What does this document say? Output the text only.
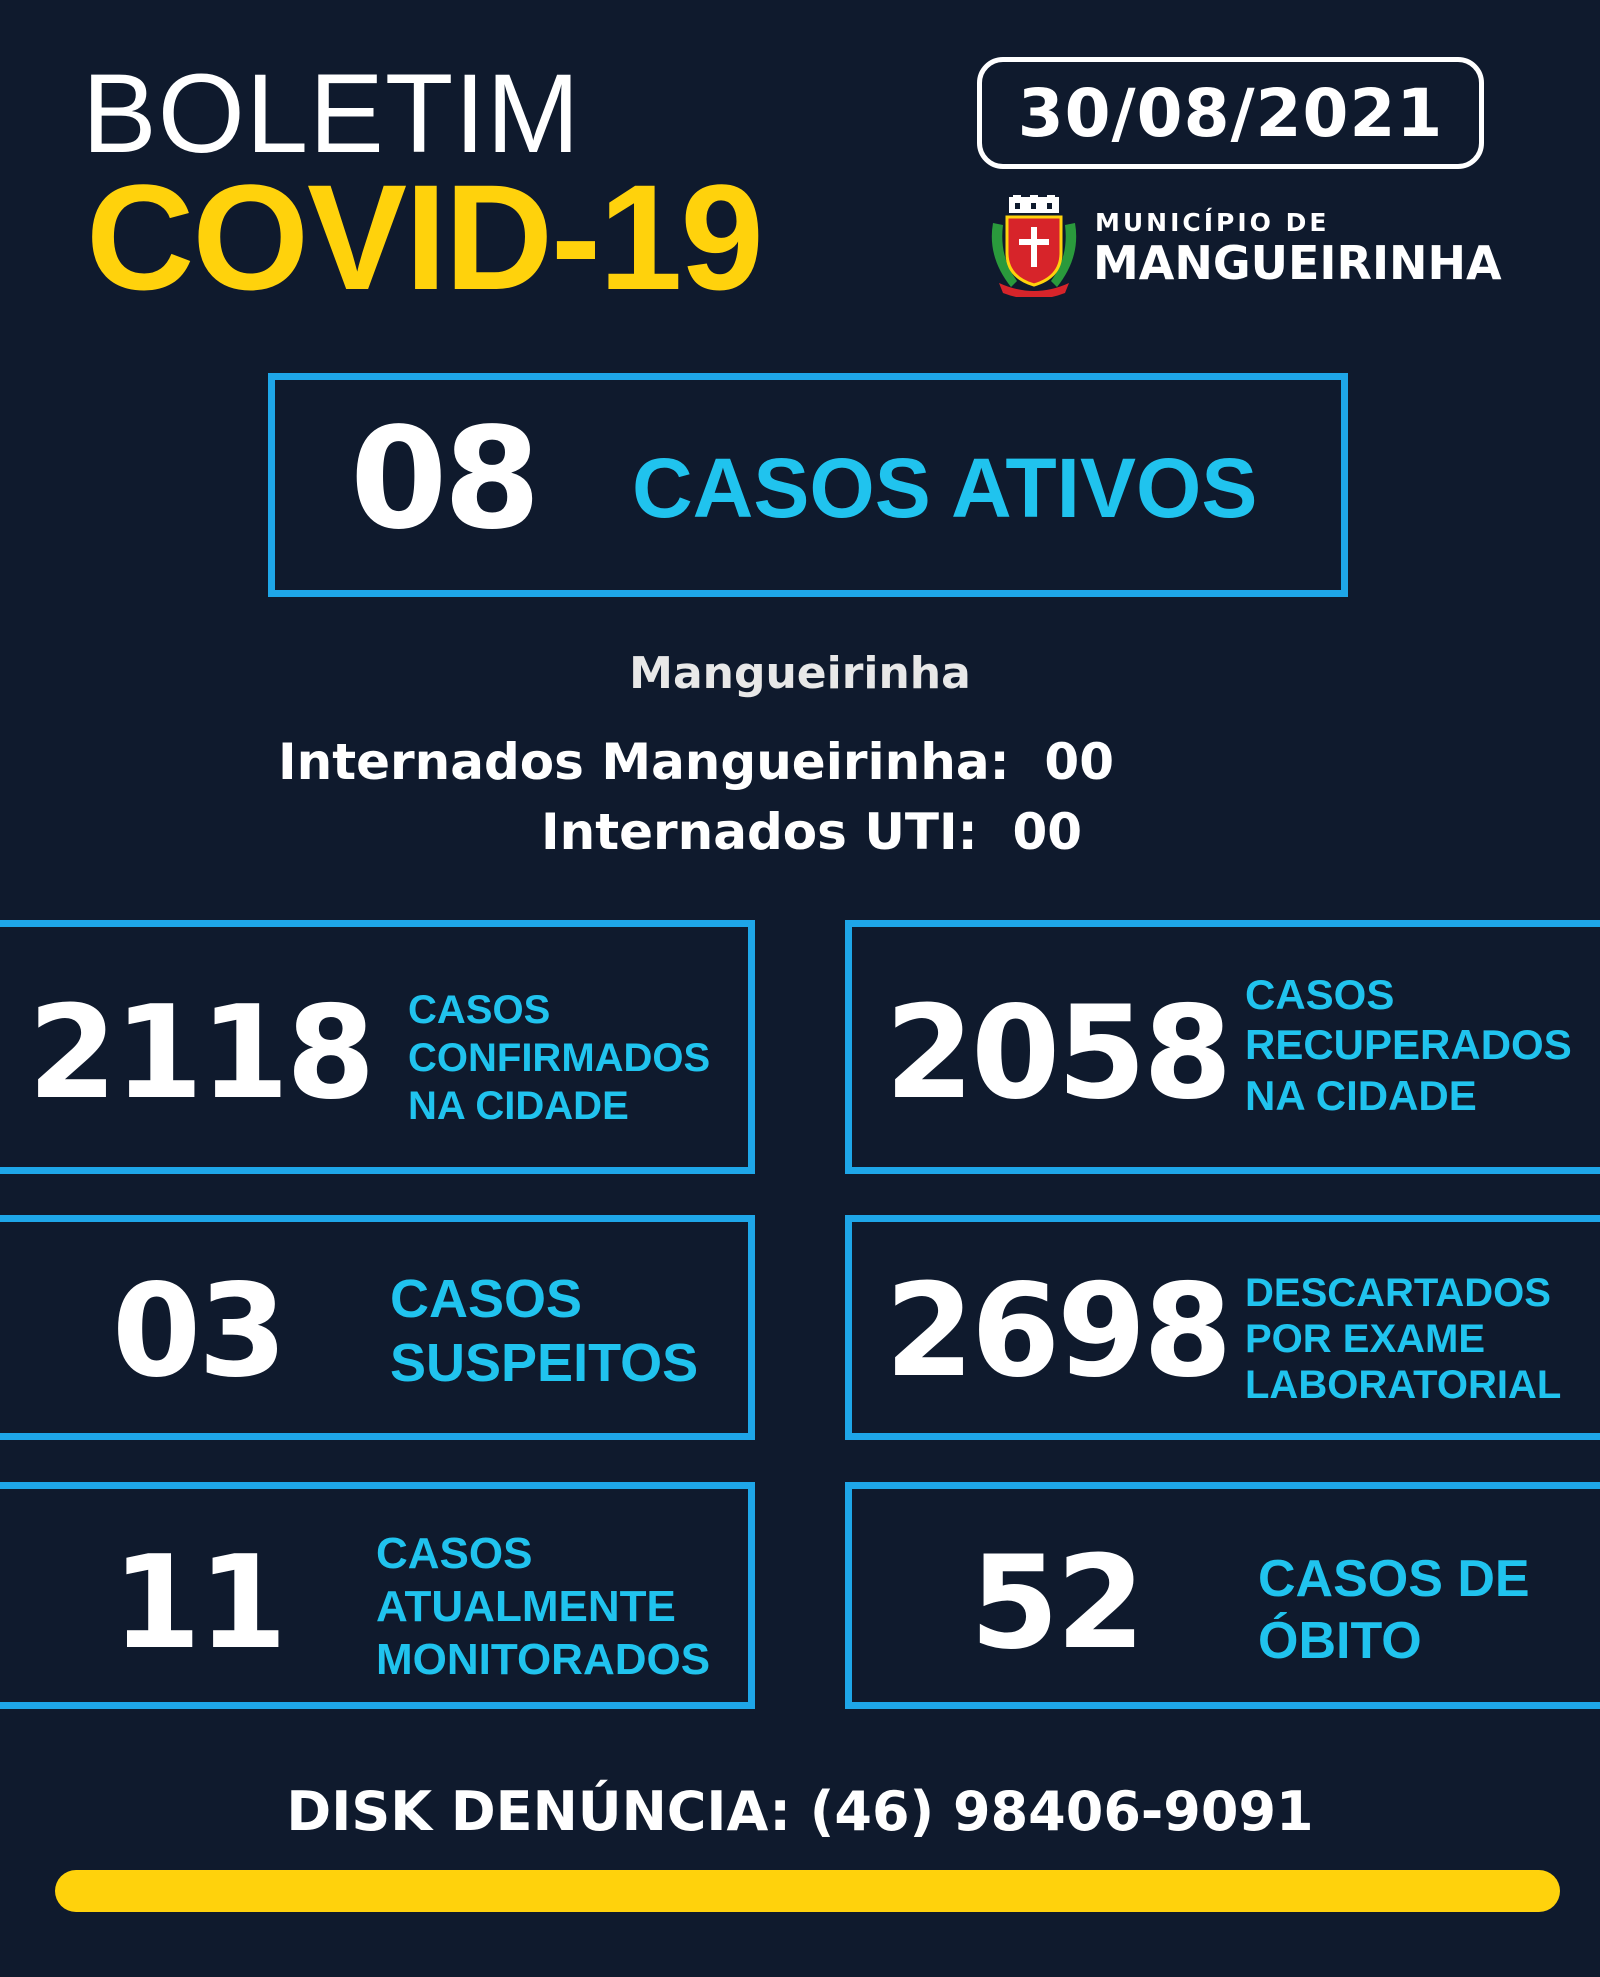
BOLETIM
COVID-19
30/08/2021
MUNICÍPIO DE
MANGUEIRINHA
08 CASOS ATIVOS
Mangueirinha
Internados Mangueirinha: 00
Internados UTI: 00
2118 CASOS
CONFIRMADOS
NA CIDADE	2058 CASOS
RECUPERADOS
NA CIDADE
03 CASOS
SUSPEITOS 2698 DESCARTADOS
POR EXAME
LABORATORIAL
11 CASOS
ATUALMENTE
MONITORADOS 52 CASOS DE
ÓBITO
DISK DENÚNCIA: (46) 98406-9091
